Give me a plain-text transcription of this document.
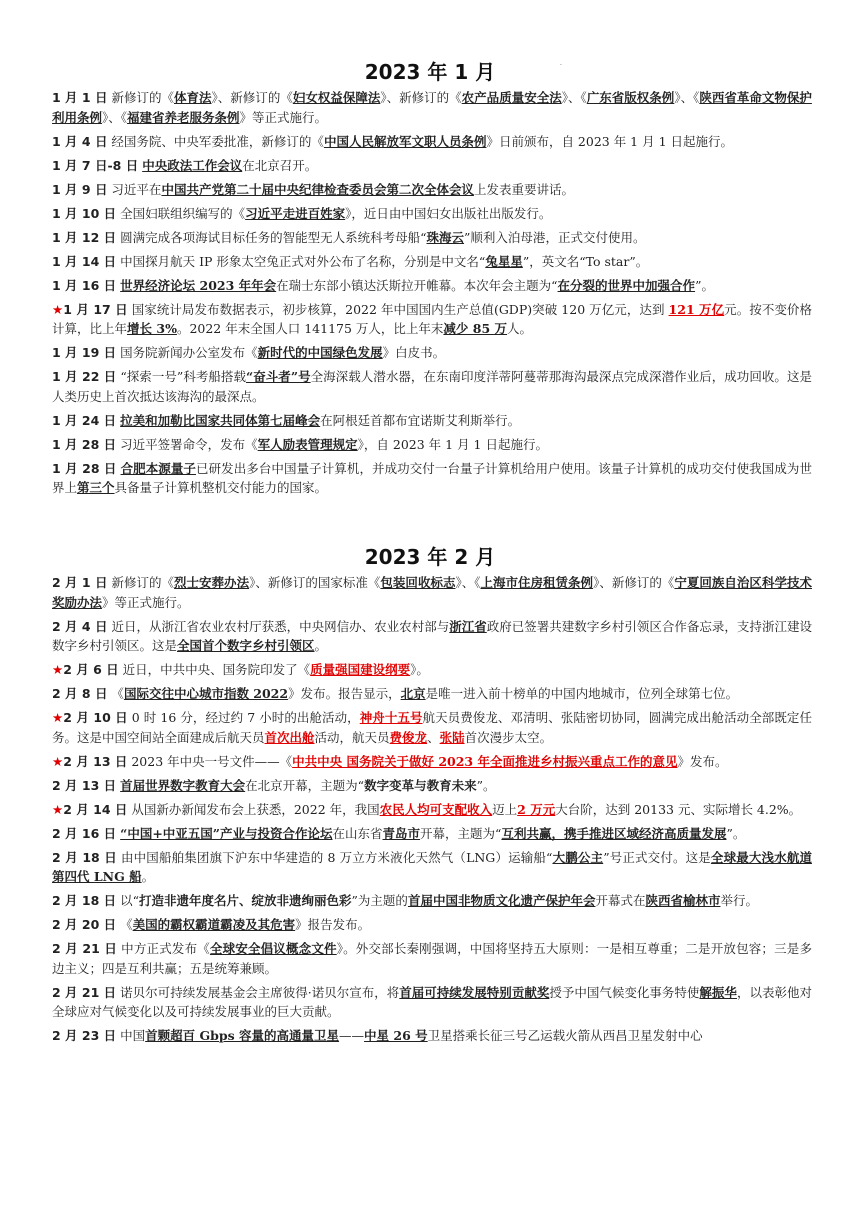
·
2023 年 1 月

1 月 1 日 新修订的《体育法》、新修订的《妇女权益保障法》、新修订的《农产品质量安全法》、《广东省版权条例》、《陕西省革命文物保护利用条例》、《福建省养老服务条例》等正式施行。

1 月 4 日 经国务院、中央军委批准，新修订的《中国人民解放军文职人员条例》日前颁布，自 2023 年 1 月 1 日起施行。

1 月 7 日-8 日 中央政法工作会议在北京召开。

1 月 9 日 习近平在中国共产党第二十届中央纪律检查委员会第二次全体会议上发表重要讲话。

1 月 10 日 全国妇联组织编写的《习近平走进百姓家》，近日由中国妇女出版社出版发行。

1 月 12 日 圆满完成各项海试目标任务的智能型无人系统科考母船“珠海云”顺利入泊母港，正式交付使用。

1 月 14 日 中国探月航天 IP 形象太空兔正式对外公布了名称，分别是中文名“兔星星”，英文名“To star”。

1 月 16 日 世界经济论坛 2023 年年会在瑞士东部小镇达沃斯拉开帷幕。本次年会主题为“在分裂的世界中加强合作”。

★1 月 17 日 国家统计局发布数据表示，初步核算，2022 年中国国内生产总值(GDP)突破 120 万亿元，达到 121 万亿元。按不变价格计算，比上年增长 3%。2022 年末全国人口 141175 万人，比上年末减少 85 万人。

1 月 19 日 国务院新闻办公室发布《新时代的中国绿色发展》白皮书。

1 月 22 日 “探索一号”科考船搭载“奋斗者”号全海深载人潜水器，在东南印度洋蒂阿蔓蒂那海沟最深点完成深潜作业后，成功回收。这是人类历史上首次抵达该海沟的最深点。

1 月 24 日 拉美和加勒比国家共同体第七届峰会在阿根廷首都布宜诺斯艾利斯举行。

1 月 28 日 习近平签署命令，发布《军人励表管理规定》，自 2023 年 1 月 1 日起施行。

1 月 28 日 合肥本源量子已研发出多台中国量子计算机，并成功交付一台量子计算机给用户使用。该量子计算机的成功交付使我国成为世界上第三个具备量子计算机整机交付能力的国家。

2023 年 2 月

2 月 1 日 新修订的《烈士安葬办法》、新修订的国家标准《包装回收标志》、《上海市住房租赁条例》、新修订的《宁夏回族自治区科学技术奖励办法》等正式施行。

2 月 4 日 近日，从浙江省农业农村厅获悉，中央网信办、农业农村部与浙江省政府已签署共建数字乡村引领区合作备忘录，支持浙江建设数字乡村引领区。这是全国首个数字乡村引领区。

★2 月 6 日 近日，中共中央、国务院印发了《质量强国建设纲要》。

2 月 8 日 《国际交往中心城市指数 2022》发布。报告显示，北京是唯一进入前十榜单的中国内地城市，位列全球第七位。

★2 月 10 日 0 时 16 分，经过约 7 小时的出舱活动，神舟十五号航天员费俊龙、邓清明、张陆密切协同，圆满完成出舱活动全部既定任务。这是中国空间站全面建成后航天员首次出舱活动，航天员费俊龙、张陆首次漫步太空。

★2 月 13 日 2023 年中央一号文件——《中共中央 国务院关于做好 2023 年全面推进乡村振兴重点工作的意见》发布。

2 月 13 日 首届世界数字教育大会在北京开幕，主题为“数字变革与教育未来”。

★2 月 14 日 从国新办新闻发布会上获悉，2022 年，我国农民人均可支配收入迈上2 万元大台阶，达到 20133 元、实际增长 4.2%。

2 月 16 日 “中国+中亚五国”产业与投资合作论坛在山东省青岛市开幕，主题为“互利共赢，携手推进区域经济高质量发展”。

2 月 18 日 由中国船舶集团旗下沪东中华建造的 8 万立方米液化天然气（LNG）运输船“大鹏公主”号正式交付。这是全球最大浅水航道第四代 LNG 船。

2 月 18 日 以“打造非遗年度名片、绽放非遗绚丽色彩”为主题的首届中国非物质文化遗产保护年会开幕式在陕西省榆林市举行。

2 月 20 日 《美国的霸权霸道霸凌及其危害》报告发布。

2 月 21 日 中方正式发布《全球安全倡议概念文件》。外交部长秦刚强调，中国将坚持五大原则：一是相互尊重；二是开放包容；三是多边主义；四是互利共赢；五是统筹兼顾。

2 月 21 日 诺贝尔可持续发展基金会主席彼得·诺贝尔宣布，将首届可持续发展特别贡献奖授予中国气候变化事务特使解振华，以表彰他对全球应对气候变化以及可持续发展事业的巨大贡献。

2 月 23 日 中国首颗超百 Gbps 容量的高通量卫星——中星 26 号卫星搭乘长征三号乙运载火箭从西昌卫星发射中心
